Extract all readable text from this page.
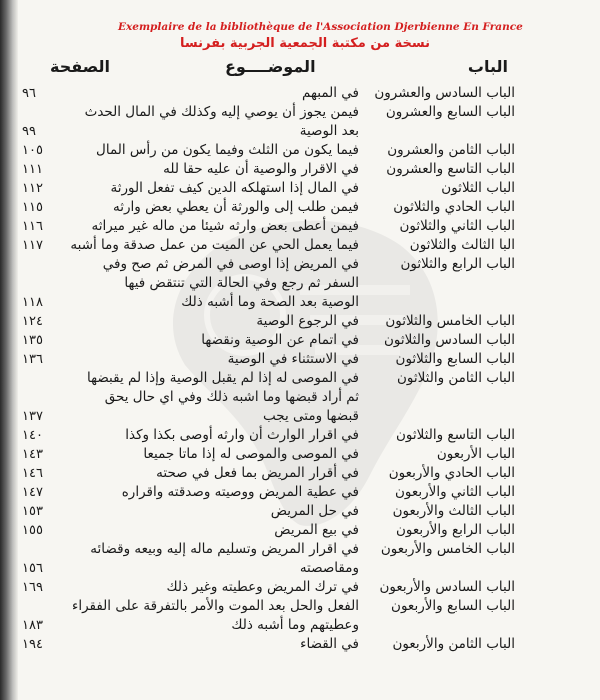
Exemplaire de la bibliothèque de l'Association Djerbienne En France
نسخة من مكتبة الجمعية الجربية بفرنسا
الباب
الموضــــوع
الصفحة
الباب السادس والعشرون
في المبهم
٩٦
الباب السابع والعشرون
فيمن يجوز أن يوصي إليه وكذلك في المال الحدث
بعد الوصية
٩٩
الباب الثامن والعشرون
فيما يكون من الثلث وفيما يكون من رأس المال
١٠٥
الباب التاسع والعشرون
في الاقرار والوصية أن عليه حقا لله
١١١
الباب الثلاثون
في المال إذا استهلكه الدين كيف تفعل الورثة
١١٢
الباب الحادي والثلاثون
فيمن طلب إلى والورثة أن يعطي بعض وارثه
١١٥
الباب الثاني والثلاثون
فيمن أعطى بعض وارثه شيئا من ماله غير ميراثه
١١٦
البا الثالث والثلاثون
فيما يعمل الحي عن الميت من عمل صدقة وما أشبه
١١٧
الباب الرابع والثلاثون
في المريض إذا اوصى في المرض ثم صح وفي
السفر ثم رجع وفي الحالة التي تنتقض فيها
الوصية بعد الصحة وما أشبه ذلك
١١٨
الباب الخامس والثلاثون
في الرجوع الوصية
١٢٤
الباب السادس والثلاثون
في اتمام عن الوصية ونقضها
١٣٥
الباب السابع والثلاثون
في الاستثناء في الوصية
١٣٦
الباب الثامن والثلاثون
في الموصى له إذا لم يقبل الوصية وإذا لم يقبضها
ثم أراد قبضها وما اشبه ذلك وفي اي حال يحق
قبضها ومتى يجب
١٣٧
الباب التاسع والثلاثون
في اقرار الوارث أن وارثه أوصى بكذا وكذا
١٤٠
الباب الأربعون
في الموصى والموصى له إذا ماتا جميعا
١٤٣
الباب الحادي والأربعون
في أقرار المريض بما فعل في صحته
١٤٦
الباب الثاني والأربعون
في عطية المريض ووصيته وصدقته واقراره
١٤٧
الباب الثالث والأربعون
في حل المريض
١٥٣
الباب الرابع والأربعون
في بيع المريض
١٥٥
الباب الخامس والأربعون
في اقرار المريض وتسليم ماله إليه وبيعه وقضائه
ومقاصصته
١٥٦
الباب السادس والأربعون
في ترك المريض وعطيته وغير ذلك
١٦٩
الباب السابع والأربعون
الفعل والحل بعد الموت والأمر بالتفرقة على الفقراء
وعطيتهم وما أشبه ذلك
١٨٣
الباب الثامن والأربعون
في القضاء
١٩٤
